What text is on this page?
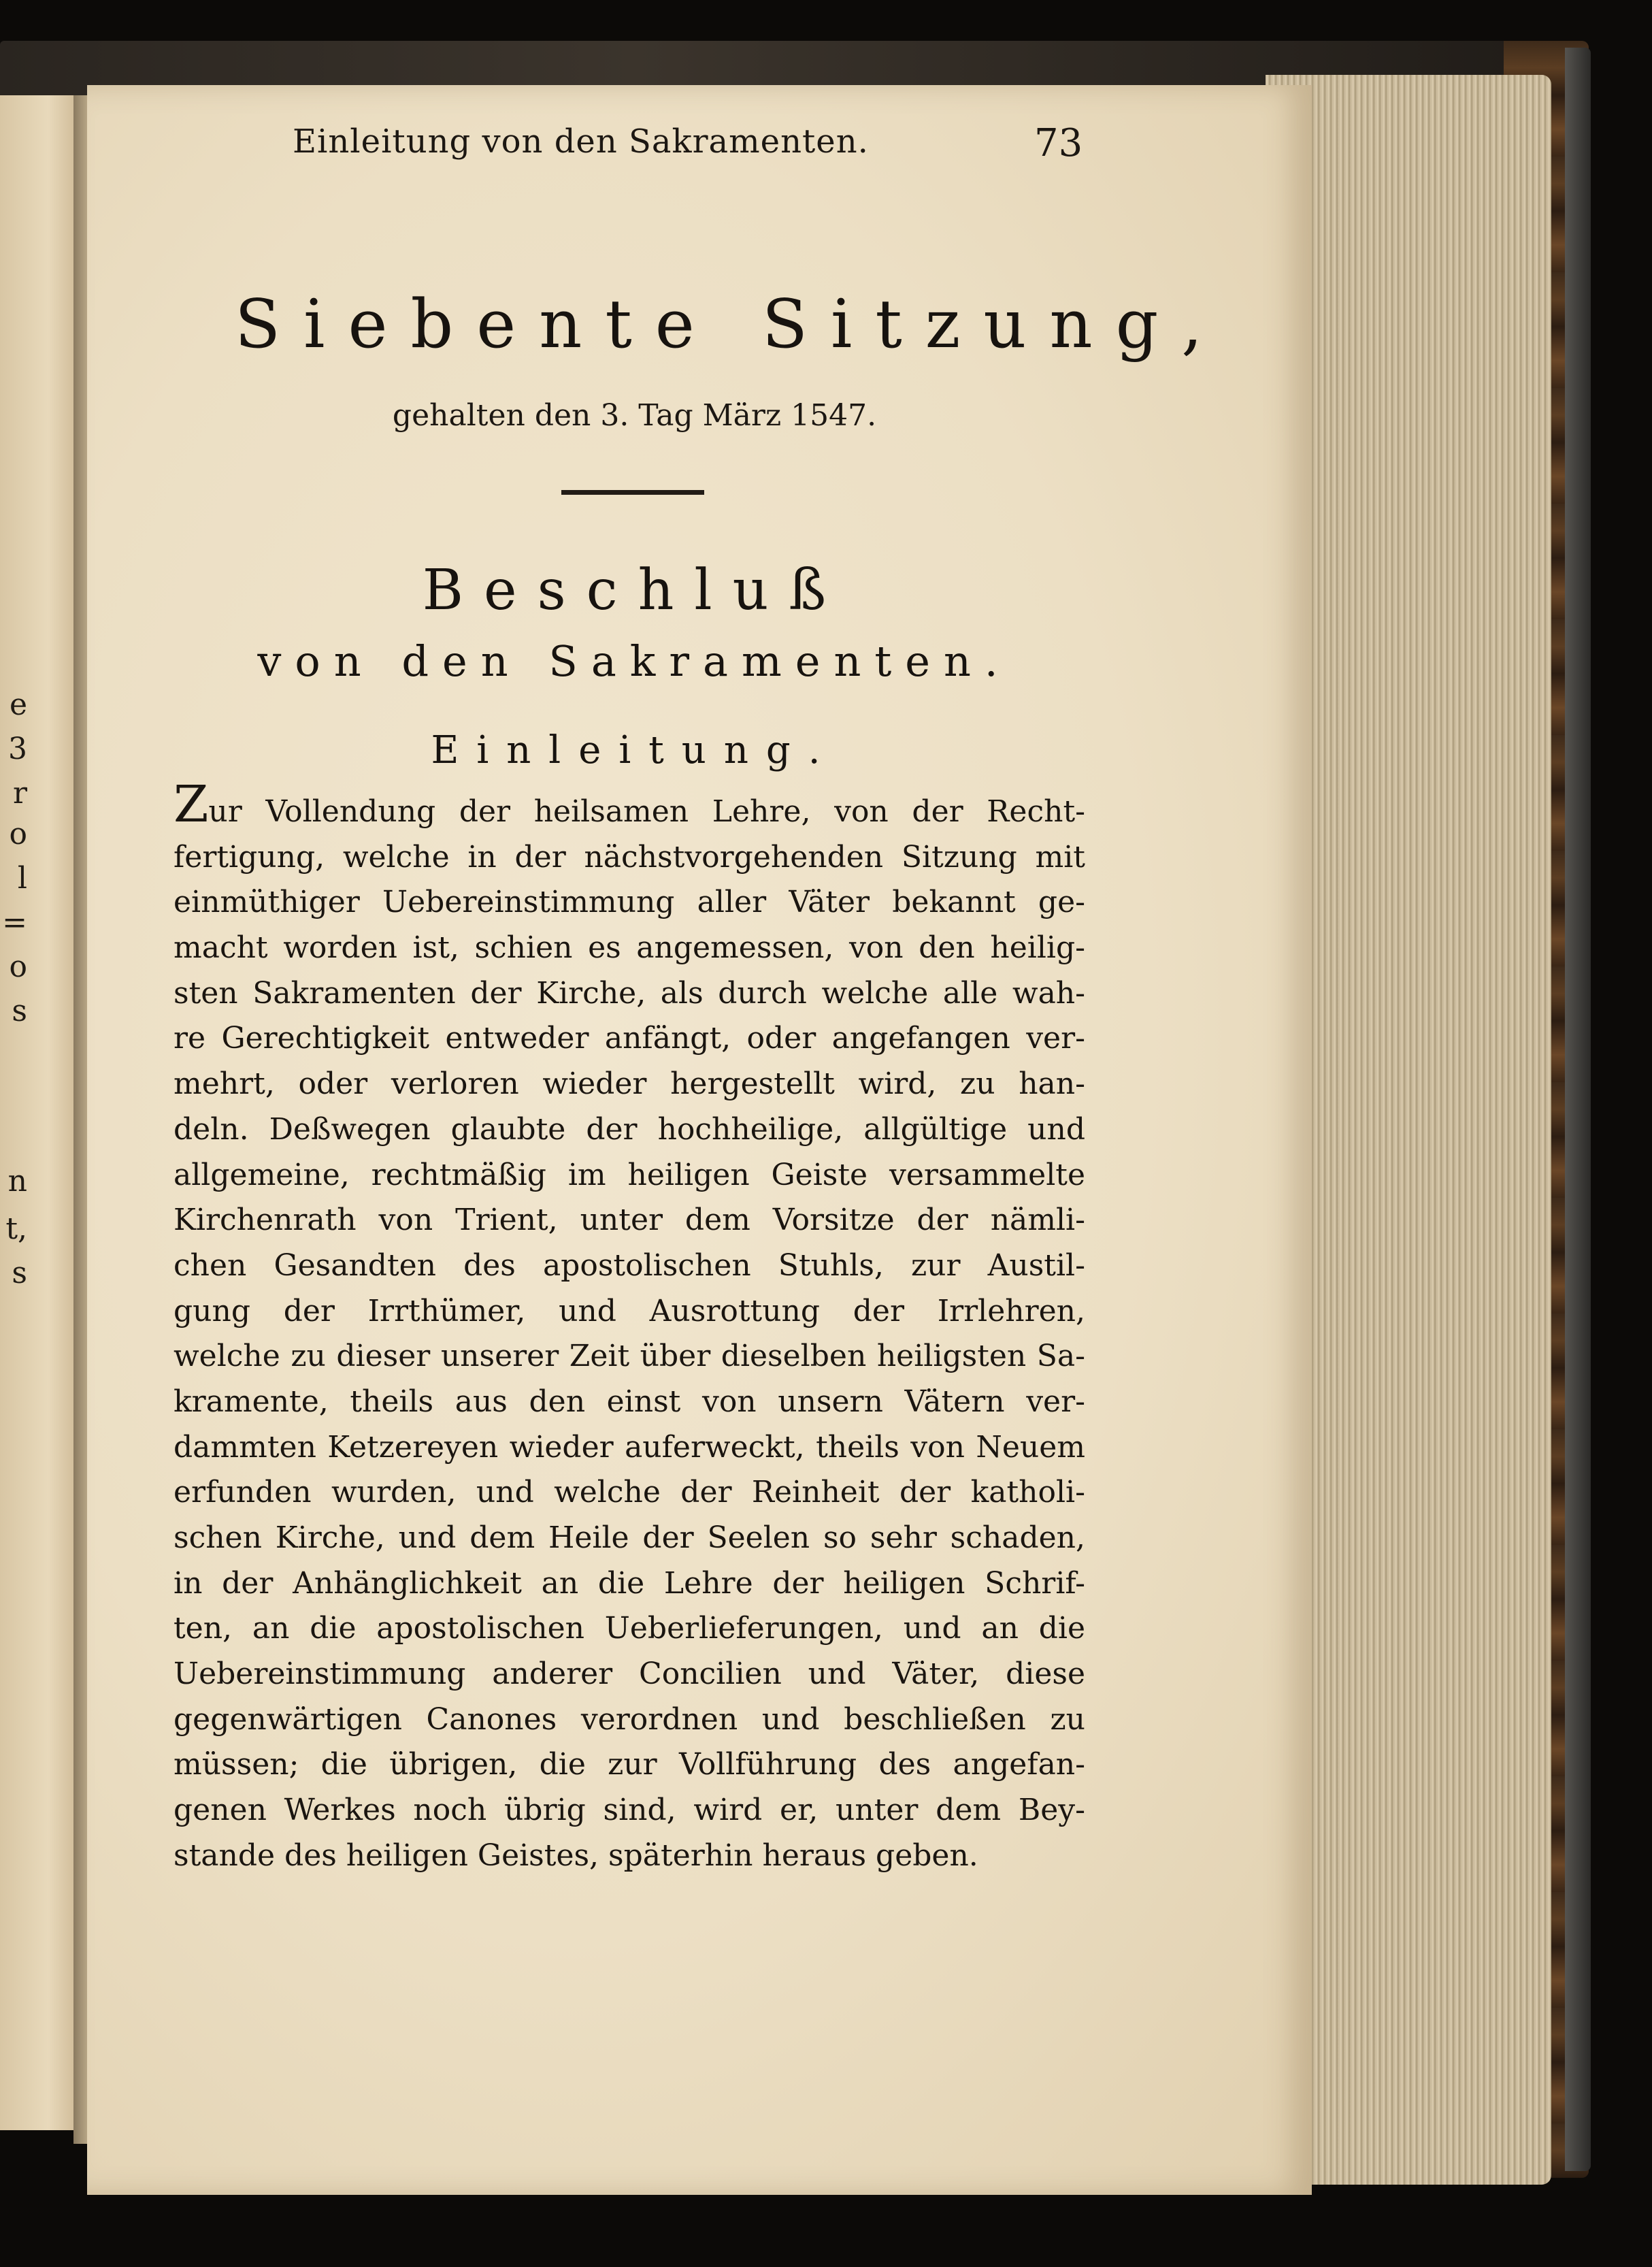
e
3
r
o
l
=
o
s
n
t,
s
Einleitung von den Sakramenten.	73
Siebente Sitzung,
gehalten den 3. Tag März 1547.
Beschluß
von den Sakramenten.
Einleitung.
Zur Vollendung der heilsamen Lehre, von der Recht-
fertigung, welche in der nächstvorgehenden Sitzung mit
einmüthiger Uebereinstimmung aller Väter bekannt ge-
macht worden ist, schien es angemessen, von den heilig-
sten Sakramenten der Kirche, als durch welche alle wah-
re Gerechtigkeit entweder anfängt, oder angefangen ver-
mehrt, oder verloren wieder hergestellt wird, zu han-
deln. Deßwegen glaubte der hochheilige, allgültige und
allgemeine, rechtmäßig im heiligen Geiste versammelte
Kirchenrath von Trient, unter dem Vorsitze der nämli-
chen Gesandten des apostolischen Stuhls, zur Austil-
gung der Irrthümer, und Ausrottung der Irrlehren,
welche zu dieser unserer Zeit über dieselben heiligsten Sa-
kramente, theils aus den einst von unsern Vätern ver-
dammten Ketzereyen wieder auferweckt, theils von Neuem
erfunden wurden, und welche der Reinheit der katholi-
schen Kirche, und dem Heile der Seelen so sehr schaden,
in der Anhänglichkeit an die Lehre der heiligen Schrif-
ten, an die apostolischen Ueberlieferungen, und an die
Uebereinstimmung anderer Concilien und Väter, diese
gegenwärtigen Canones verordnen und beschließen zu
müssen; die übrigen, die zur Vollführung des angefan-
genen Werkes noch übrig sind, wird er, unter dem Bey-
stande des heiligen Geistes, späterhin heraus geben.
